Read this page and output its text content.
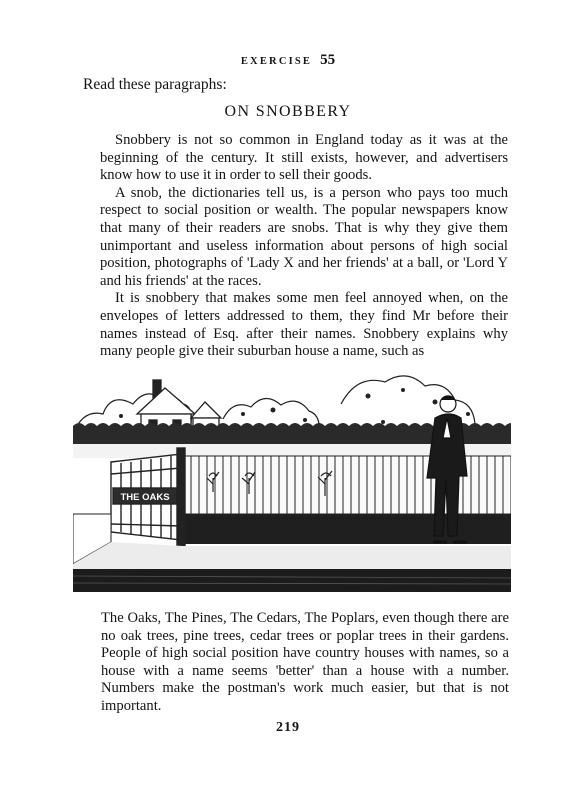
EXERCISE 55
Read these paragraphs:
ON SNOBBERY

Snobbery is not so common in England today as it was at the beginning of the century. It still exists, however, and advertisers know how to use it in order to sell their goods.

A snob, the dictionaries tell us, is a person who pays too much respect to social position or wealth. The popular newspapers know that many of their readers are snobs. That is why they give them unimportant and useless information about persons of high social position, photographs of 'Lady X and her friends' at a ball, or 'Lord Y and his friends' at the races.

It is snobbery that makes some men feel annoyed when, on the envelopes of letters addressed to them, they find Mr before their names instead of Esq. after their names. Snobbery explains why many people give their suburban house a name, such as

THE OAKS

The Oaks, The Pines, The Cedars, The Poplars, even though there are no oak trees, pine trees, cedar trees or poplar trees in their gardens. People of high social position have country houses with names, so a house with a name seems 'better' than a house with a number. Numbers make the postman's work much easier, but that is not important.

219
